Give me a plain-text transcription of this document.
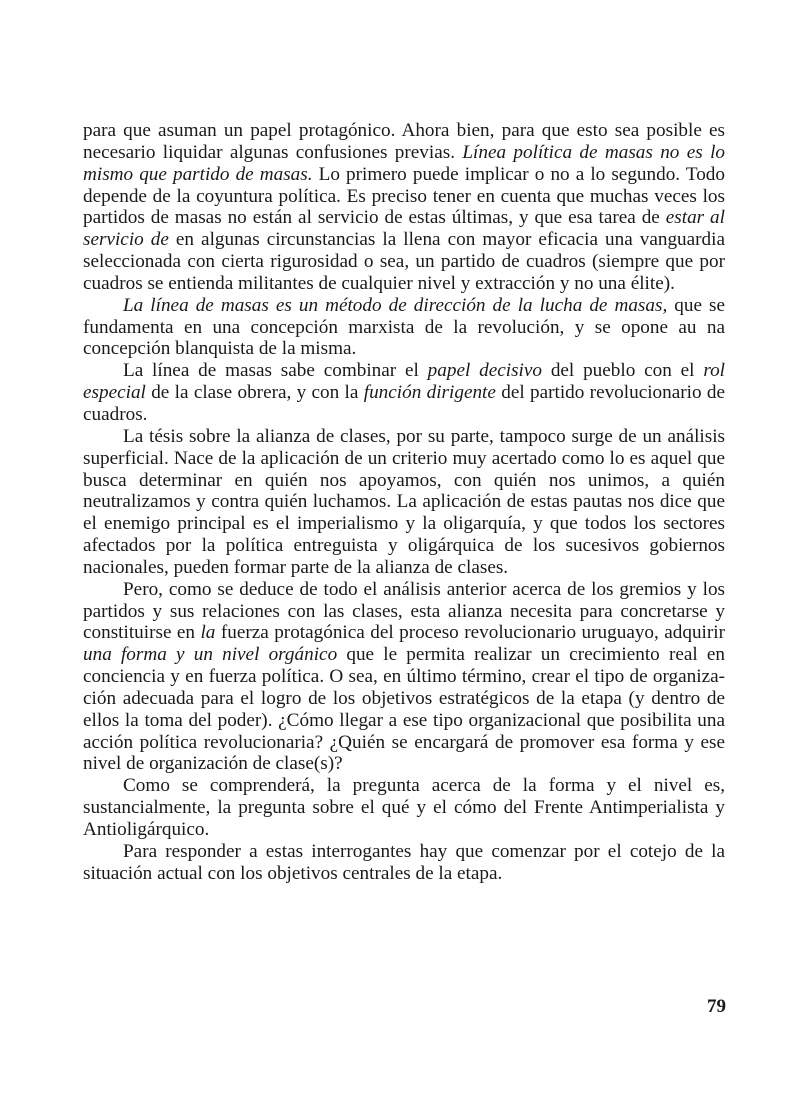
para que asuman un papel protagónico. Ahora bien, para que esto sea posible es necesario liquidar algunas confusiones previas. Línea política de masas no es lo mismo que partido de masas. Lo primero puede implicar o no a lo segundo. Todo depende de la coyuntura política. Es preciso tener en cuenta que muchas veces los partidos de masas no están al servicio de estas últimas, y que esa tarea de estar al servicio de en algunas circunstancias la llena con mayor eficacia una vanguardia seleccionada con cierta rigurosidad o sea, un partido de cuadros (siempre que por cuadros se entienda militantes de cualquier nivel y extracción y no una élite).

La línea de masas es un método de dirección de la lucha de masas, que se fundamenta en una concepción marxista de la revolución, y se opone au na concepción blanquista de la misma.

La línea de masas sabe combinar el papel decisivo del pueblo con el rol especial de la clase obrera, y con la función dirigente del partido revolucionario de cuadros.

La tésis sobre la alianza de clases, por su parte, tampoco surge de un análisis superficial. Nace de la aplicación de un criterio muy acertado como lo es aquel que busca determinar en quién nos apoyamos, con quién nos unimos, a quién neutralizamos y contra quién luchamos. La aplicación de estas pautas nos dice que el enemigo principal es el imperialismo y la oligarquía, y que todos los sectores afectados por la política entreguista y oligárquica de los sucesivos gobiernos nacionales, pueden formar parte de la alianza de clases.

Pero, como se deduce de todo el análisis anterior acerca de los gremios y los partidos y sus relaciones con las clases, esta alianza necesita para concretarse y constituirse en la fuerza protagónica del proceso revolucionario uruguayo, adquirir una forma y un nivel orgánico que le permita realizar un crecimiento real en conciencia y en fuerza política. O sea, en último término, crear el tipo de organización adecuada para el logro de los objetivos estratégicos de la etapa (y dentro de ellos la toma del poder). ¿Cómo llegar a ese tipo organizacional que posibilita una acción política revolucionaria? ¿Quién se encargará de promover esa forma y ese nivel de organización de clase(s)?

Como se comprenderá, la pregunta acerca de la forma y el nivel es, sustancialmente, la pregunta sobre el qué y el cómo del Frente Antimperialista y Antioligárquico.

Para responder a estas interrogantes hay que comenzar por el cotejo de la situación actual con los objetivos centrales de la etapa.

79
